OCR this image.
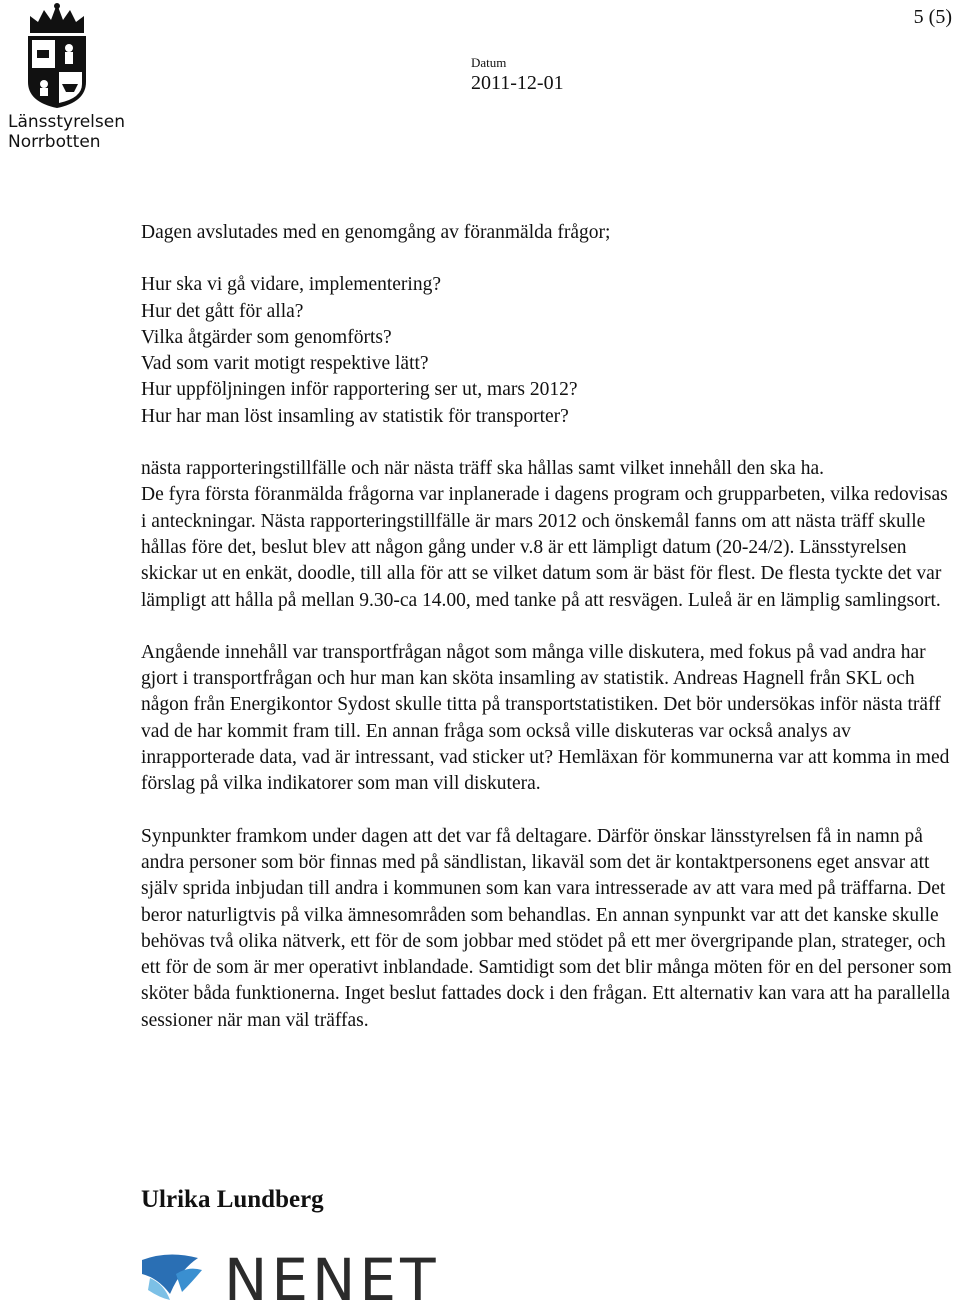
5 (5)
Länsstyrelsen
Norrbotten
Datum
2011-12-01

Dagen avslutades med en genomgång av föranmälda frågor;

Hur ska vi gå vidare, implementering?
Hur det gått för alla?
Vilka åtgärder som genomförts?
Vad som varit motigt respektive lätt?
Hur uppföljningen inför rapportering ser ut, mars 2012?
Hur har man löst insamling av statistik för transporter?

nästa rapporteringstillfälle och när nästa träff ska hållas samt vilket innehåll den ska ha.
De fyra första föranmälda frågorna var inplanerade i dagens program och grupparbeten, vilka redovisas i anteckningar. Nästa rapporteringstillfälle är mars 2012 och önskemål fanns om att nästa träff skulle hållas före det, beslut blev att någon gång under v.8 är ett lämpligt datum (20-24/2). Länsstyrelsen skickar ut en enkät, doodle, till alla för att se vilket datum som är bäst för flest. De flesta tyckte det var lämpligt att hålla på mellan 9.30-ca 14.00, med tanke på att resvägen. Luleå är en lämplig samlingsort.

Angående innehåll var transportfrågan något som många ville diskutera, med fokus på vad andra har gjort i transportfrågan och hur man kan sköta insamling av statistik. Andreas Hagnell från SKL och någon från Energikontor Sydost skulle titta på transportstatistiken. Det bör undersökas inför nästa träff vad de har kommit fram till. En annan fråga som också ville diskuteras var också analys av inrapporterade data, vad är intressant, vad sticker ut? Hemläxan för kommunerna var att komma in med förslag på vilka indikatorer som man vill diskutera.

Synpunkter framkom under dagen att det var få deltagare. Därför önskar länsstyrelsen få in namn på andra personer som bör finnas med på sändlistan, likaväl som det är kontaktpersonens eget ansvar att själv sprida inbjudan till andra i kommunen som kan vara intresserade av att vara med på träffarna. Det beror naturligtvis på vilka ämnesområden som behandlas. En annan synpunkt var att det kanske skulle behövas två olika nätverk, ett för de som jobbar med stödet på ett mer övergripande plan, strateger, och ett för de som är mer operativt inblandade. Samtidigt som det blir många möten för en del personer som sköter båda funktionerna. Inget beslut fattades dock i den frågan. Ett alternativ kan vara att ha parallella sessioner när man väl träffas.

Ulrika Lundberg
NENET
